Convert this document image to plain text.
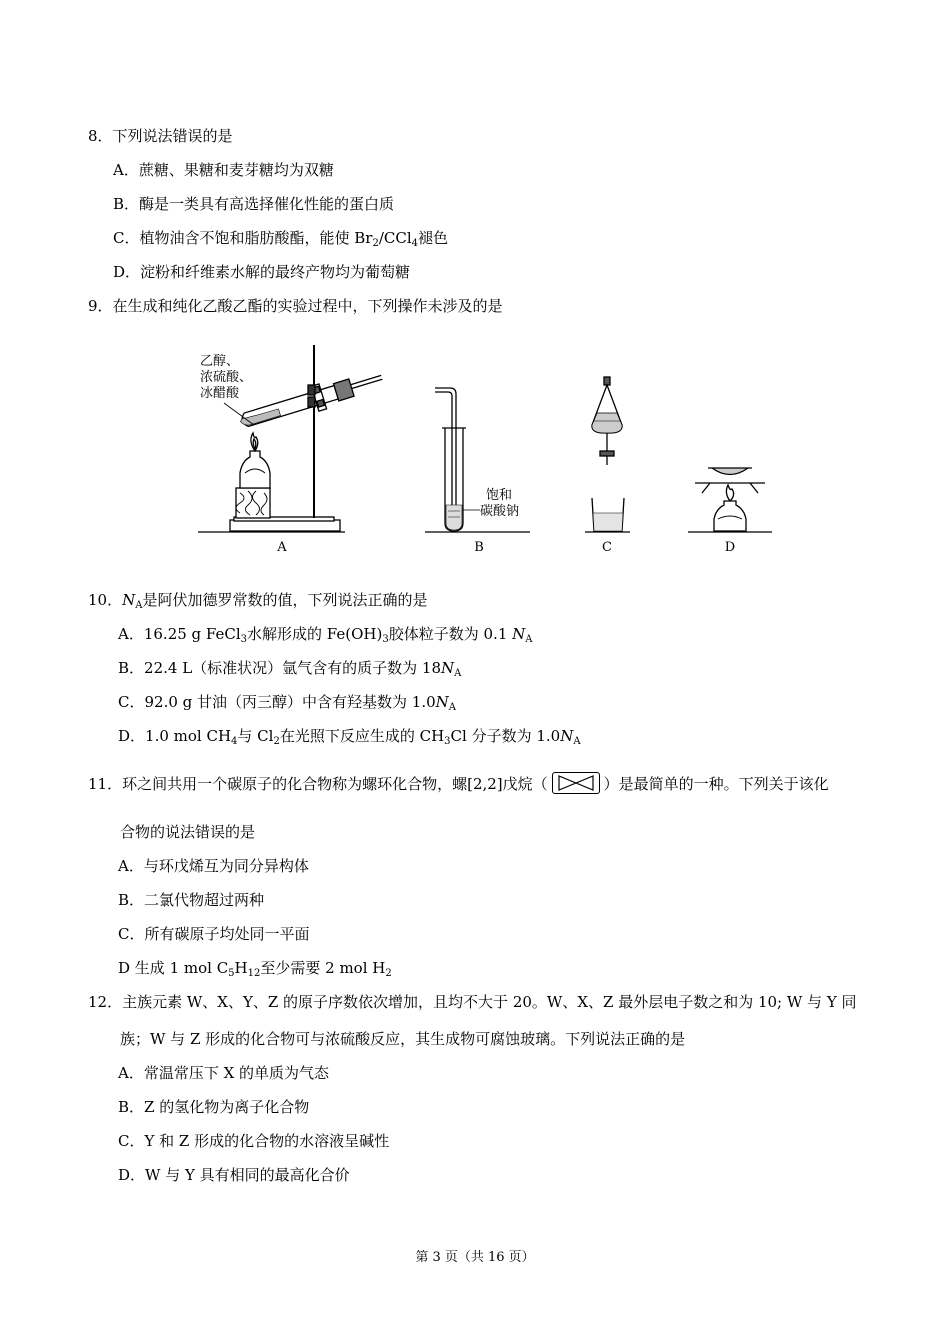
8．下列说法错误的是
A．蔗糖、果糖和麦芽糖均为双糖
B．酶是一类具有高选择催化性能的蛋白质
C．植物油含不饱和脂肪酸酯，能使 $Br_2/CCl_4$褪色
D．淀粉和纤维素水解的最终产物均为葡萄糖
9．在生成和纯化乙酸乙酯的实验过程中，下列操作未涉及的是
乙醇、
浓硫酸、
冰醋酸
A
饱和
碳酸钠
B	C	D
10．$N_A$是阿伏加德罗常数的值，下列说法正确的是
A．16.25 g FeCl$_3$水解形成的 $Fe(OH)_3$胶体粒子数为 0.1 $N_A$
B．22.4 L（标准状况）氩气含有的质子数为 $18N_A$
C．92.0 g 甘油（丙三醇）中含有羟基数为 $1.0N_A$
D．1.0 mol $CH_4$与 $Cl_2$在光照下反应生成的 $CH_3Cl$ 分子数为 $1.0N_A$
11．环之间共用一个碳原子的化合物称为螺环化合物，螺[2,2]戊烷（	）是最简单的一种。下列关于该化
合物的说法错误的是
A．与环戊烯互为同分异构体
B．二氯代物超过两种
C．所有碳原子均处同一平面
D 生成 1 mol $C_5H_{12}$至少需要 2 mol $H_2$
12．主族元素 W、X、Y、Z 的原子序数依次增加，且均不大于 20。W、X、Z 最外层电子数之和为 10; W 与 Y 同
族；W 与 Z 形成的化合物可与浓硫酸反应，其生成物可腐蚀玻璃。下列说法正确的是
A．常温常压下 X 的单质为气态
B．Z 的氢化物为离子化合物
C．Y 和 Z 形成的化合物的水溶液呈碱性
D．W 与 Y 具有相同的最高化合价
第 3 页（共 16 页）
